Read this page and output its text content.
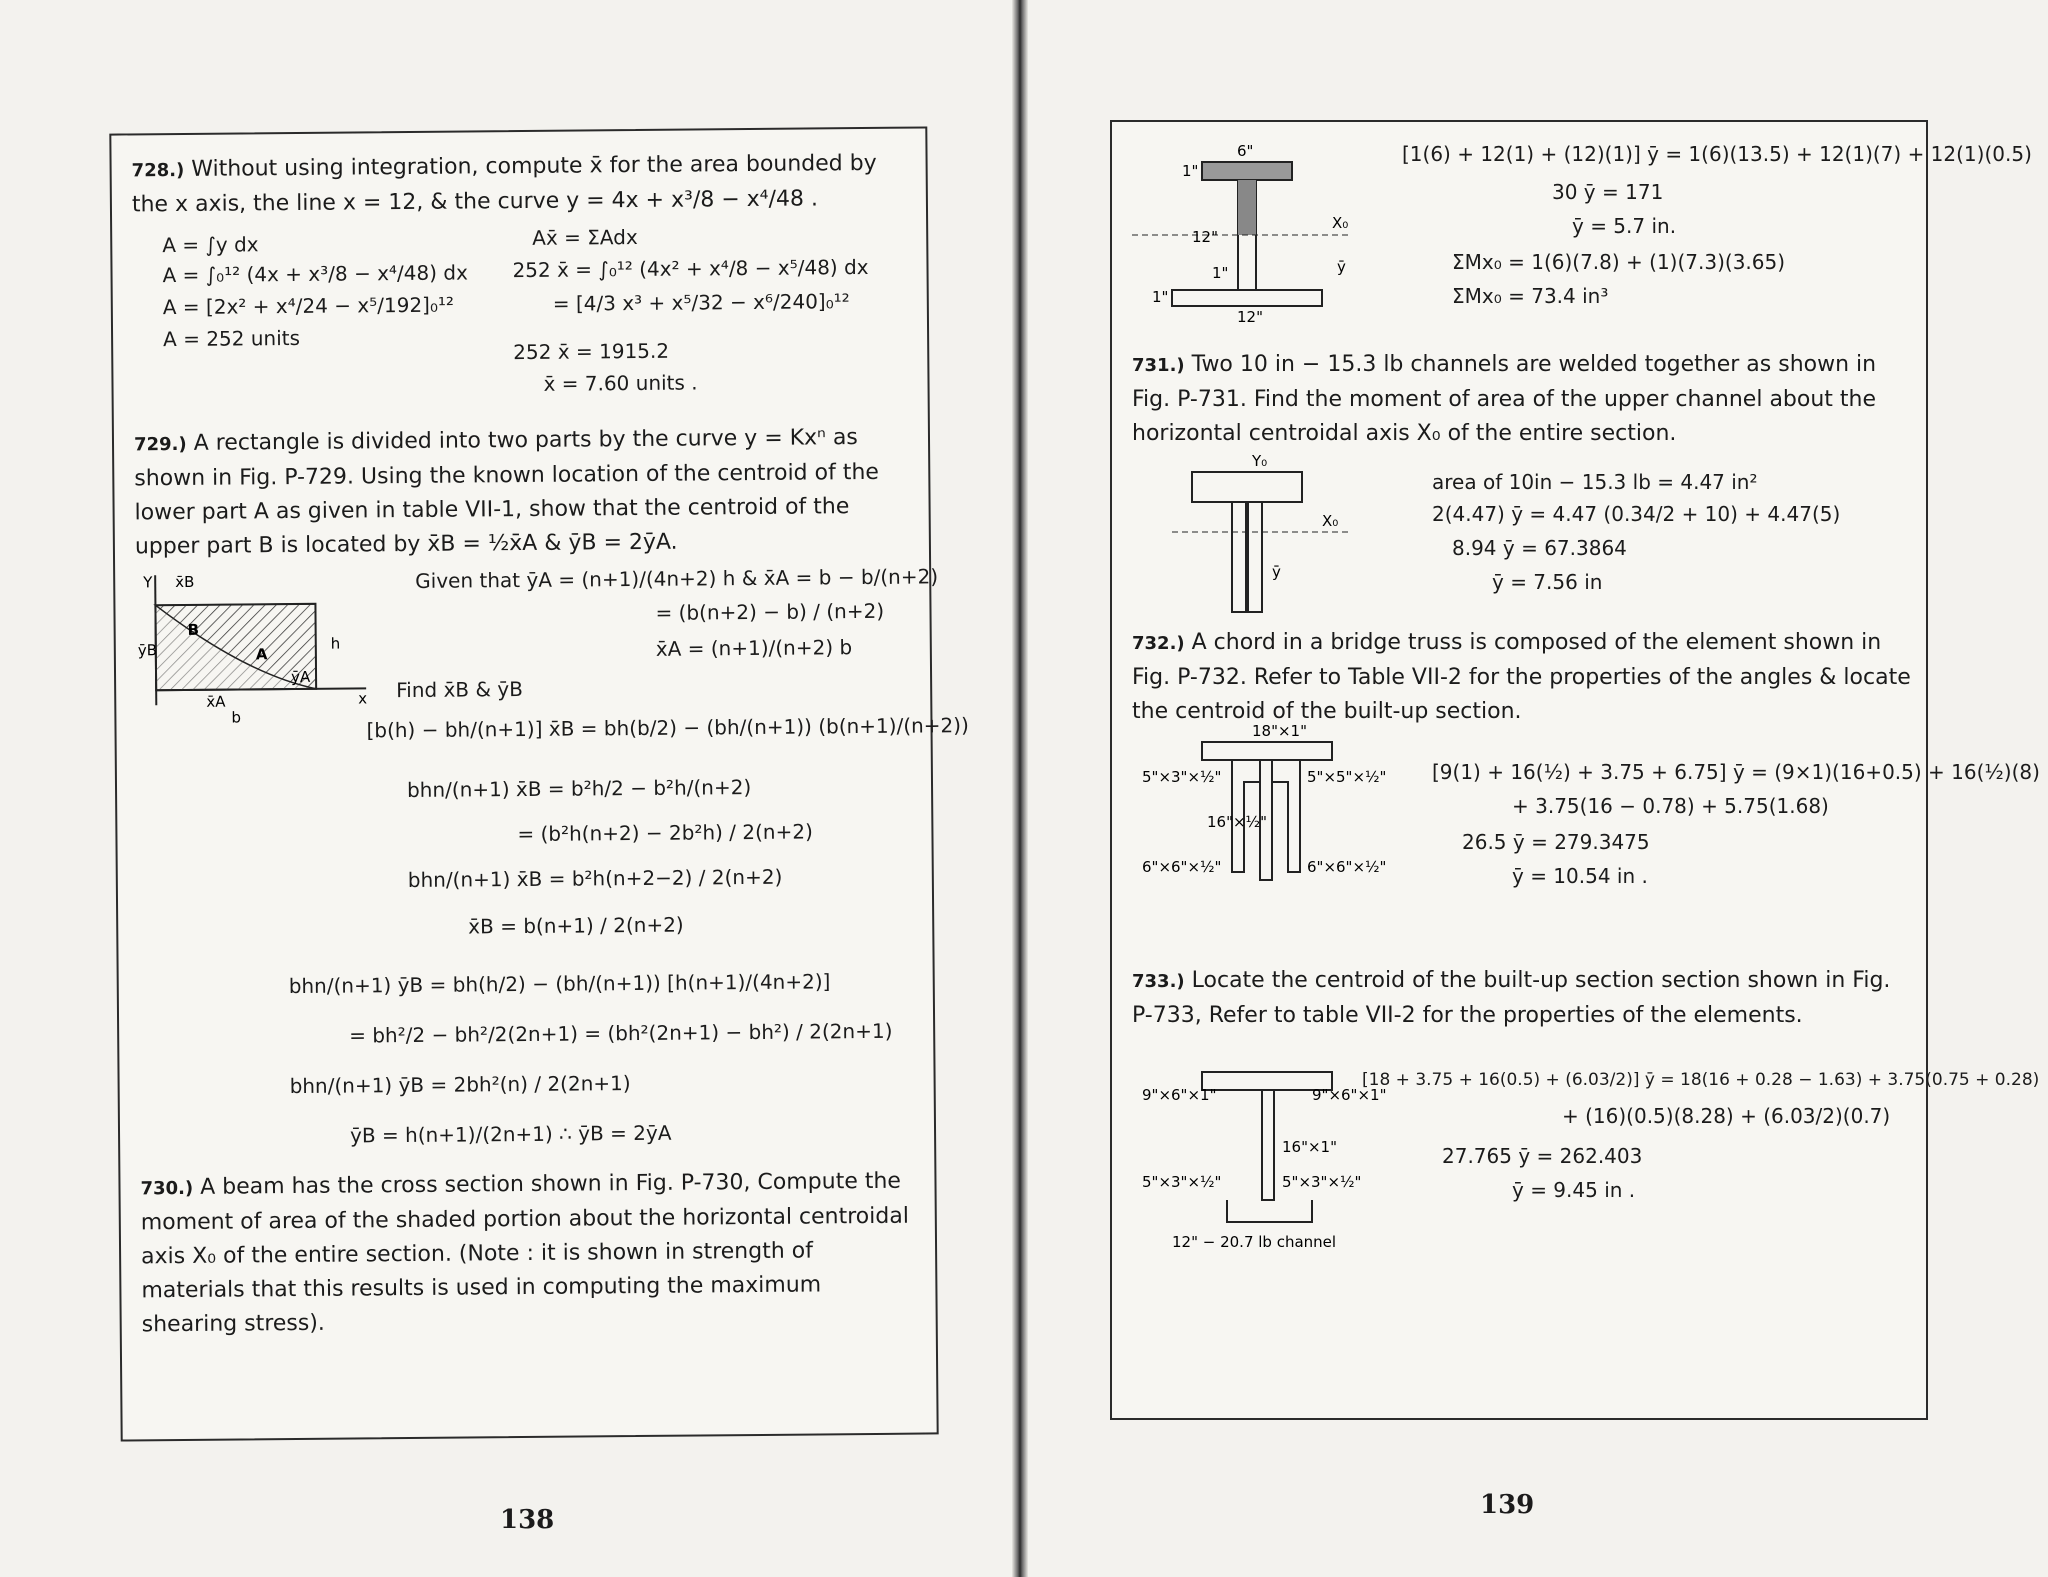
728.) Without using integration, compute x̄ for the area bounded by the x axis, the line x = 12, & the curve y = 4x + x³/8 − x⁴/48 .
A = ∫y dx
A = ∫₀¹² (4x + x³/8 − x⁴/48) dx
A = [2x² + x⁴/24 − x⁵/192]₀¹²
A = 252 units
Ax̄ = ΣAdx
252 x̄ = ∫₀¹² (4x² + x⁴/8 − x⁵/48) dx
= [4/3 x³ + x⁵/32 − x⁶/240]₀¹²
252 x̄ = 1915.2
x̄ = 7.60 units .
729.) A rectangle is divided into two parts by the curve y = Kxⁿ as shown in Fig. P-729. Using the known location of the centroid of the lower part A as given in table VII-1, show that the centroid of the upper part B is located by x̄B = ½x̄A & ȳB = 2ȳA.
Y x̄B
ȳB
B
A
x̄A
ȳA
h
b
x
Given that ȳA = (n+1)/(4n+2) h & x̄A = b − b/(n+2)
= (b(n+2) − b) / (n+2)
x̄A = (n+1)/(n+2) b
Find x̄B & ȳB
[b(h) − bh/(n+1)] x̄B = bh(b/2) − (bh/(n+1)) (b(n+1)/(n+2))
bhn/(n+1) x̄B = b²h/2 − b²h/(n+2)
= (b²h(n+2) − 2b²h) / 2(n+2)
bhn/(n+1) x̄B = b²h(n+2−2) / 2(n+2)
x̄B = b(n+1) / 2(n+2)
bhn/(n+1) ȳB = bh(h/2) − (bh/(n+1)) [h(n+1)/(4n+2)]
= bh²/2 − bh²/2(2n+1) = (bh²(2n+1) − bh²) / 2(2n+1)
bhn/(n+1) ȳB = 2bh²(n) / 2(2n+1)
ȳB = h(n+1)/(2n+1) ∴ ȳB = 2ȳA
730.) A beam has the cross section shown in Fig. P-730, Compute the moment of area of the shaded portion about the horizontal centroidal axis X₀ of the entire section. (Note : it is shown in strength of materials that this results is used in computing the maximum shearing stress).
138
6"
1"
12"
X₀
1"
1"
ȳ
12"
[1(6) + 12(1) + (12)(1)] ȳ = 1(6)(13.5) + 12(1)(7) + 12(1)(0.5)
30 ȳ = 171
ȳ = 5.7 in.
ΣMx₀ = 1(6)(7.8) + (1)(7.3)(3.65)
ΣMx₀ = 73.4 in³
731.) Two 10 in − 15.3 lb channels are welded together as shown in Fig. P-731. Find the moment of area of the upper channel about the horizontal centroidal axis X₀ of the entire section.
Y₀
X₀
ȳ
area of 10in − 15.3 lb = 4.47 in²
2(4.47) ȳ = 4.47 (0.34/2 + 10) + 4.47(5)
8.94 ȳ = 67.3864
ȳ = 7.56 in
732.) A chord in a bridge truss is composed of the element shown in Fig. P-732. Refer to Table VII-2 for the properties of the angles & locate the centroid of the built-up section.
18"×1"
5"×3"×½"	5"×5"×½"
16"×½"
6"×6"×½"	6"×6"×½"
[9(1) + 16(½) + 3.75 + 6.75] ȳ = (9×1)(16+0.5) + 16(½)(8)
+ 3.75(16 − 0.78) + 5.75(1.68)
26.5 ȳ = 279.3475
ȳ = 10.54 in .
733.) Locate the centroid of the built-up section section shown in Fig. P-733, Refer to table VII-2 for the properties of the elements.
9"×6"×1"	9"×6"×1"
16"×1"
5"×3"×½"	5"×3"×½"
12" − 20.7 lb channel
[18 + 3.75 + 16(0.5) + (6.03/2)] ȳ = 18(16 + 0.28 − 1.63) + 3.75(0.75 + 0.28)
+ (16)(0.5)(8.28) + (6.03/2)(0.7)
27.765 ȳ = 262.403
ȳ = 9.45 in .
139
